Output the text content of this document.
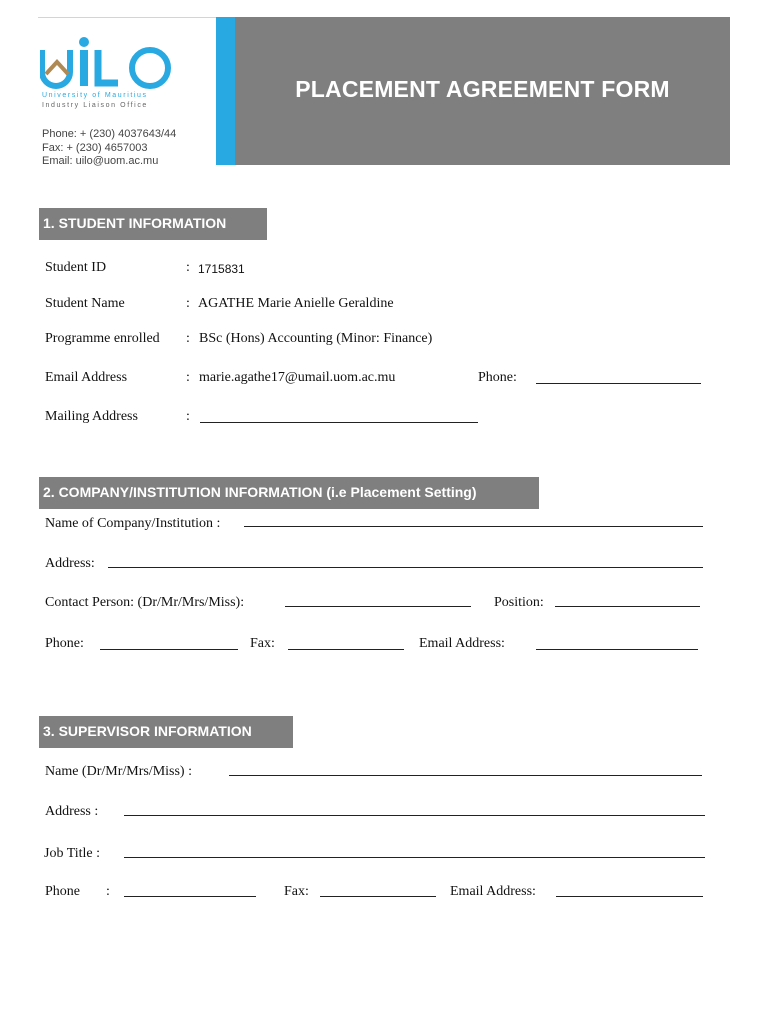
University of Mauritius
Industry Liaison Office
Phone: + (230) 4037643/44
Fax: + (230) 4657003
Email: uilo@uom.ac.mu
PLACEMENT AGREEMENT FORM
1. STUDENT INFORMATION
Student ID	: 1715831
Student Name	: AGATHE Marie Anielle Geraldine
Programme enrolled : BSc (Hons) Accounting (Minor: Finance)
Email Address	: marie.agathe17@umail.uom.ac.mu	Phone:
Mailing Address	:
2. COMPANY/INSTITUTION INFORMATION (i.e Placement Setting)
Name of Company/Institution :
Address:
Contact Person: (Dr/Mr/Mrs/Miss):	Position:
Phone:	Fax:	Email Address:
3. SUPERVISOR INFORMATION
Name (Dr/Mr/Mrs/Miss) :
Address :
Job Title :
Phone :	Fax:	Email Address:
